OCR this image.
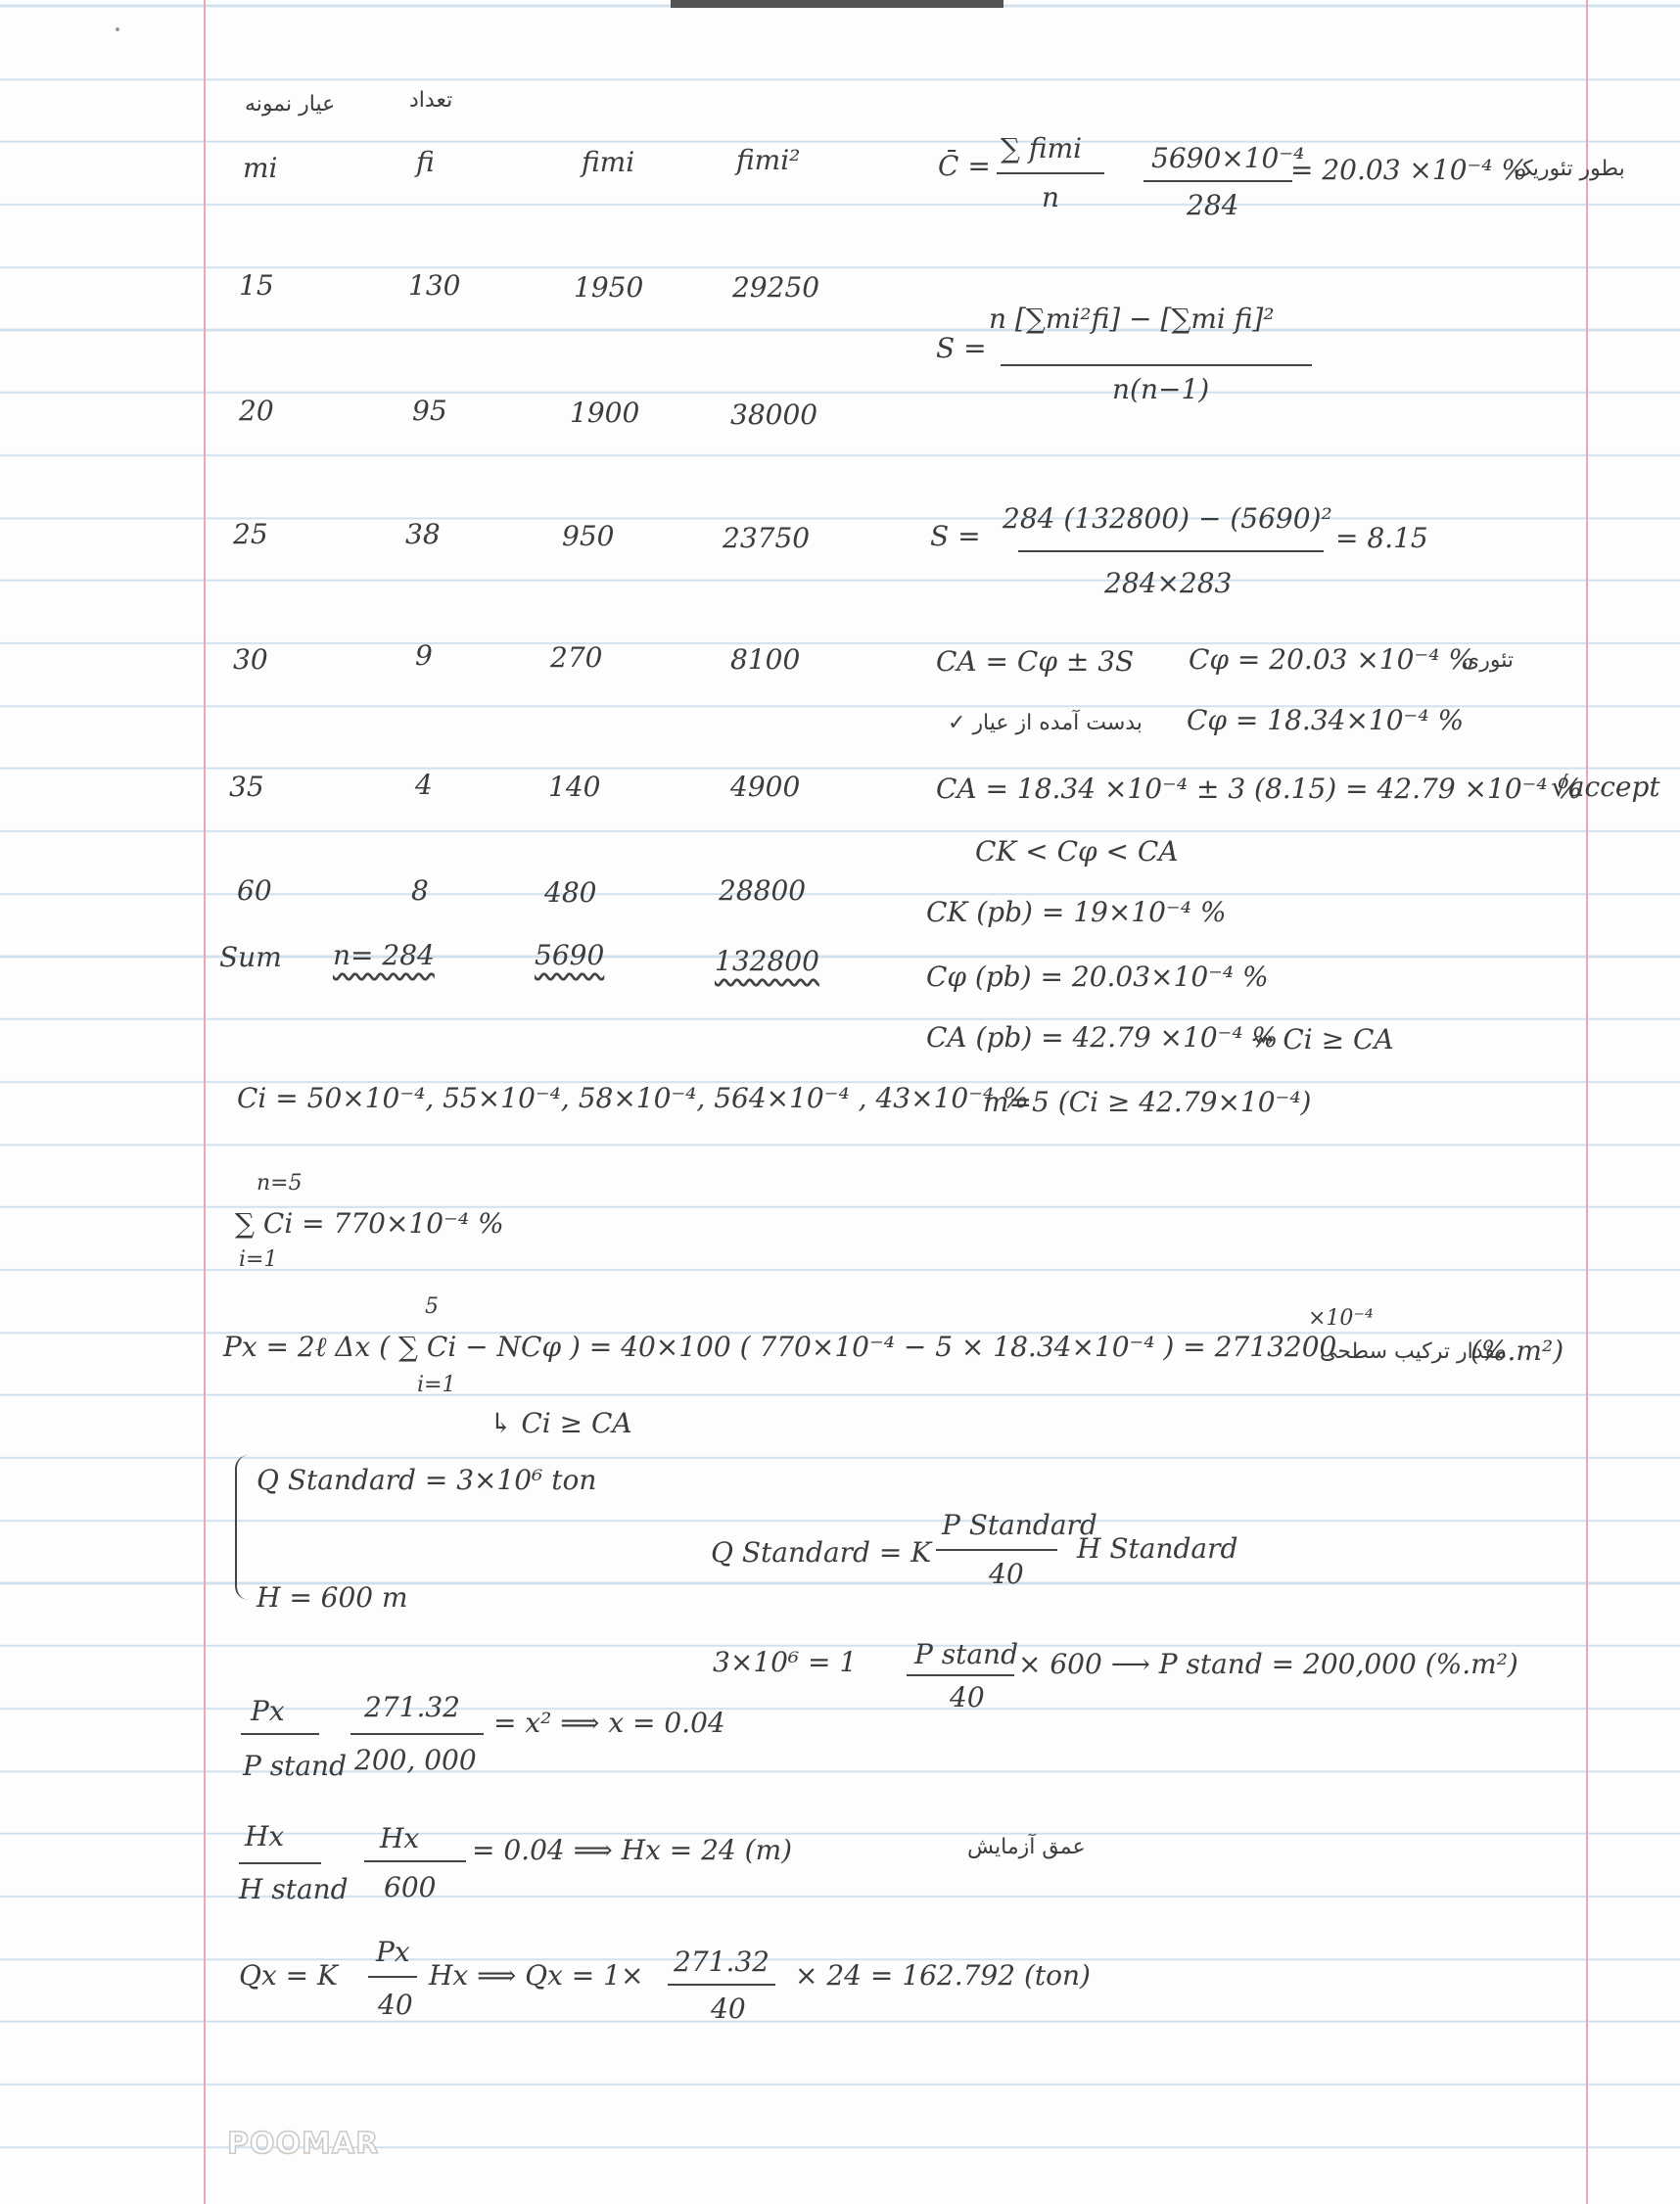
عیار نمونه	تعداد
mi	fi	fimi	fimi²
15	130	1950	29250
20	95	1900	38000
25	38	950	23750
30	9	270	8100
35	4	140	4900
60	8	480	28800
Sum n= 284	5690	132800
C̄ =
∑ fimi
n
5690×10⁻⁴
284
= 20.03 ×10⁻⁴ %
بطور تئوریک
S =
n [∑mi²fi] − [∑mi fi]²
n(n−1)
S =
284 (132800) − (5690)²
284×283
= 8.15
CA = Cφ ± 3S Cφ = 20.03 ×10⁻⁴ %
تئوری
✓ بدست آمده از عیار Cφ = 18.34×10⁻⁴ %
CA = 18.34 ×10⁻⁴ ± 3 (8.15) = 42.79 ×10⁻⁴ %
√accept
CK < Cφ < CA
CK (pb) = 19×10⁻⁴ %
Cφ (pb) = 20.03×10⁻⁴ %
CA (pb) = 42.79 ×10⁻⁴ %
⇝ Ci ≥ CA
Ci = 50×10⁻⁴, 55×10⁻⁴, 58×10⁻⁴, 564×10⁻⁴ , 43×10⁻⁴ %
m=5 (Ci ≥ 42.79×10⁻⁴)
n=5
∑ Ci = 770×10⁻⁴ %
i=1
5
Px = 2ℓ Δx ( ∑ Ci − NCφ ) = 40×100 ( 770×10⁻⁴ − 5 × 18.34×10⁻⁴ ) = 2713200
×10⁻⁴
مقدار ترکیب سطحی
(%.m²)
i=1
↳ Ci ≥ CA
Q Standard = 3×10⁶ ton
H = 600 m
Q Standard = K
P Standard
40
H Standard
3×10⁶ = 1 P stand
40
× 600 ⟶ P stand = 200,000 (%.m²)
Px
P stand
271.32
200, 000
= x² ⟹ x = 0.04
Hx
H stand
Hx
600
= 0.04 ⟹ Hx = 24 (m)	عمق آزمایش
Qx = K
Px
40
Hx ⟹ Qx = 1× 271.32
40
× 24 = 162.792 (ton)
POOMAR
